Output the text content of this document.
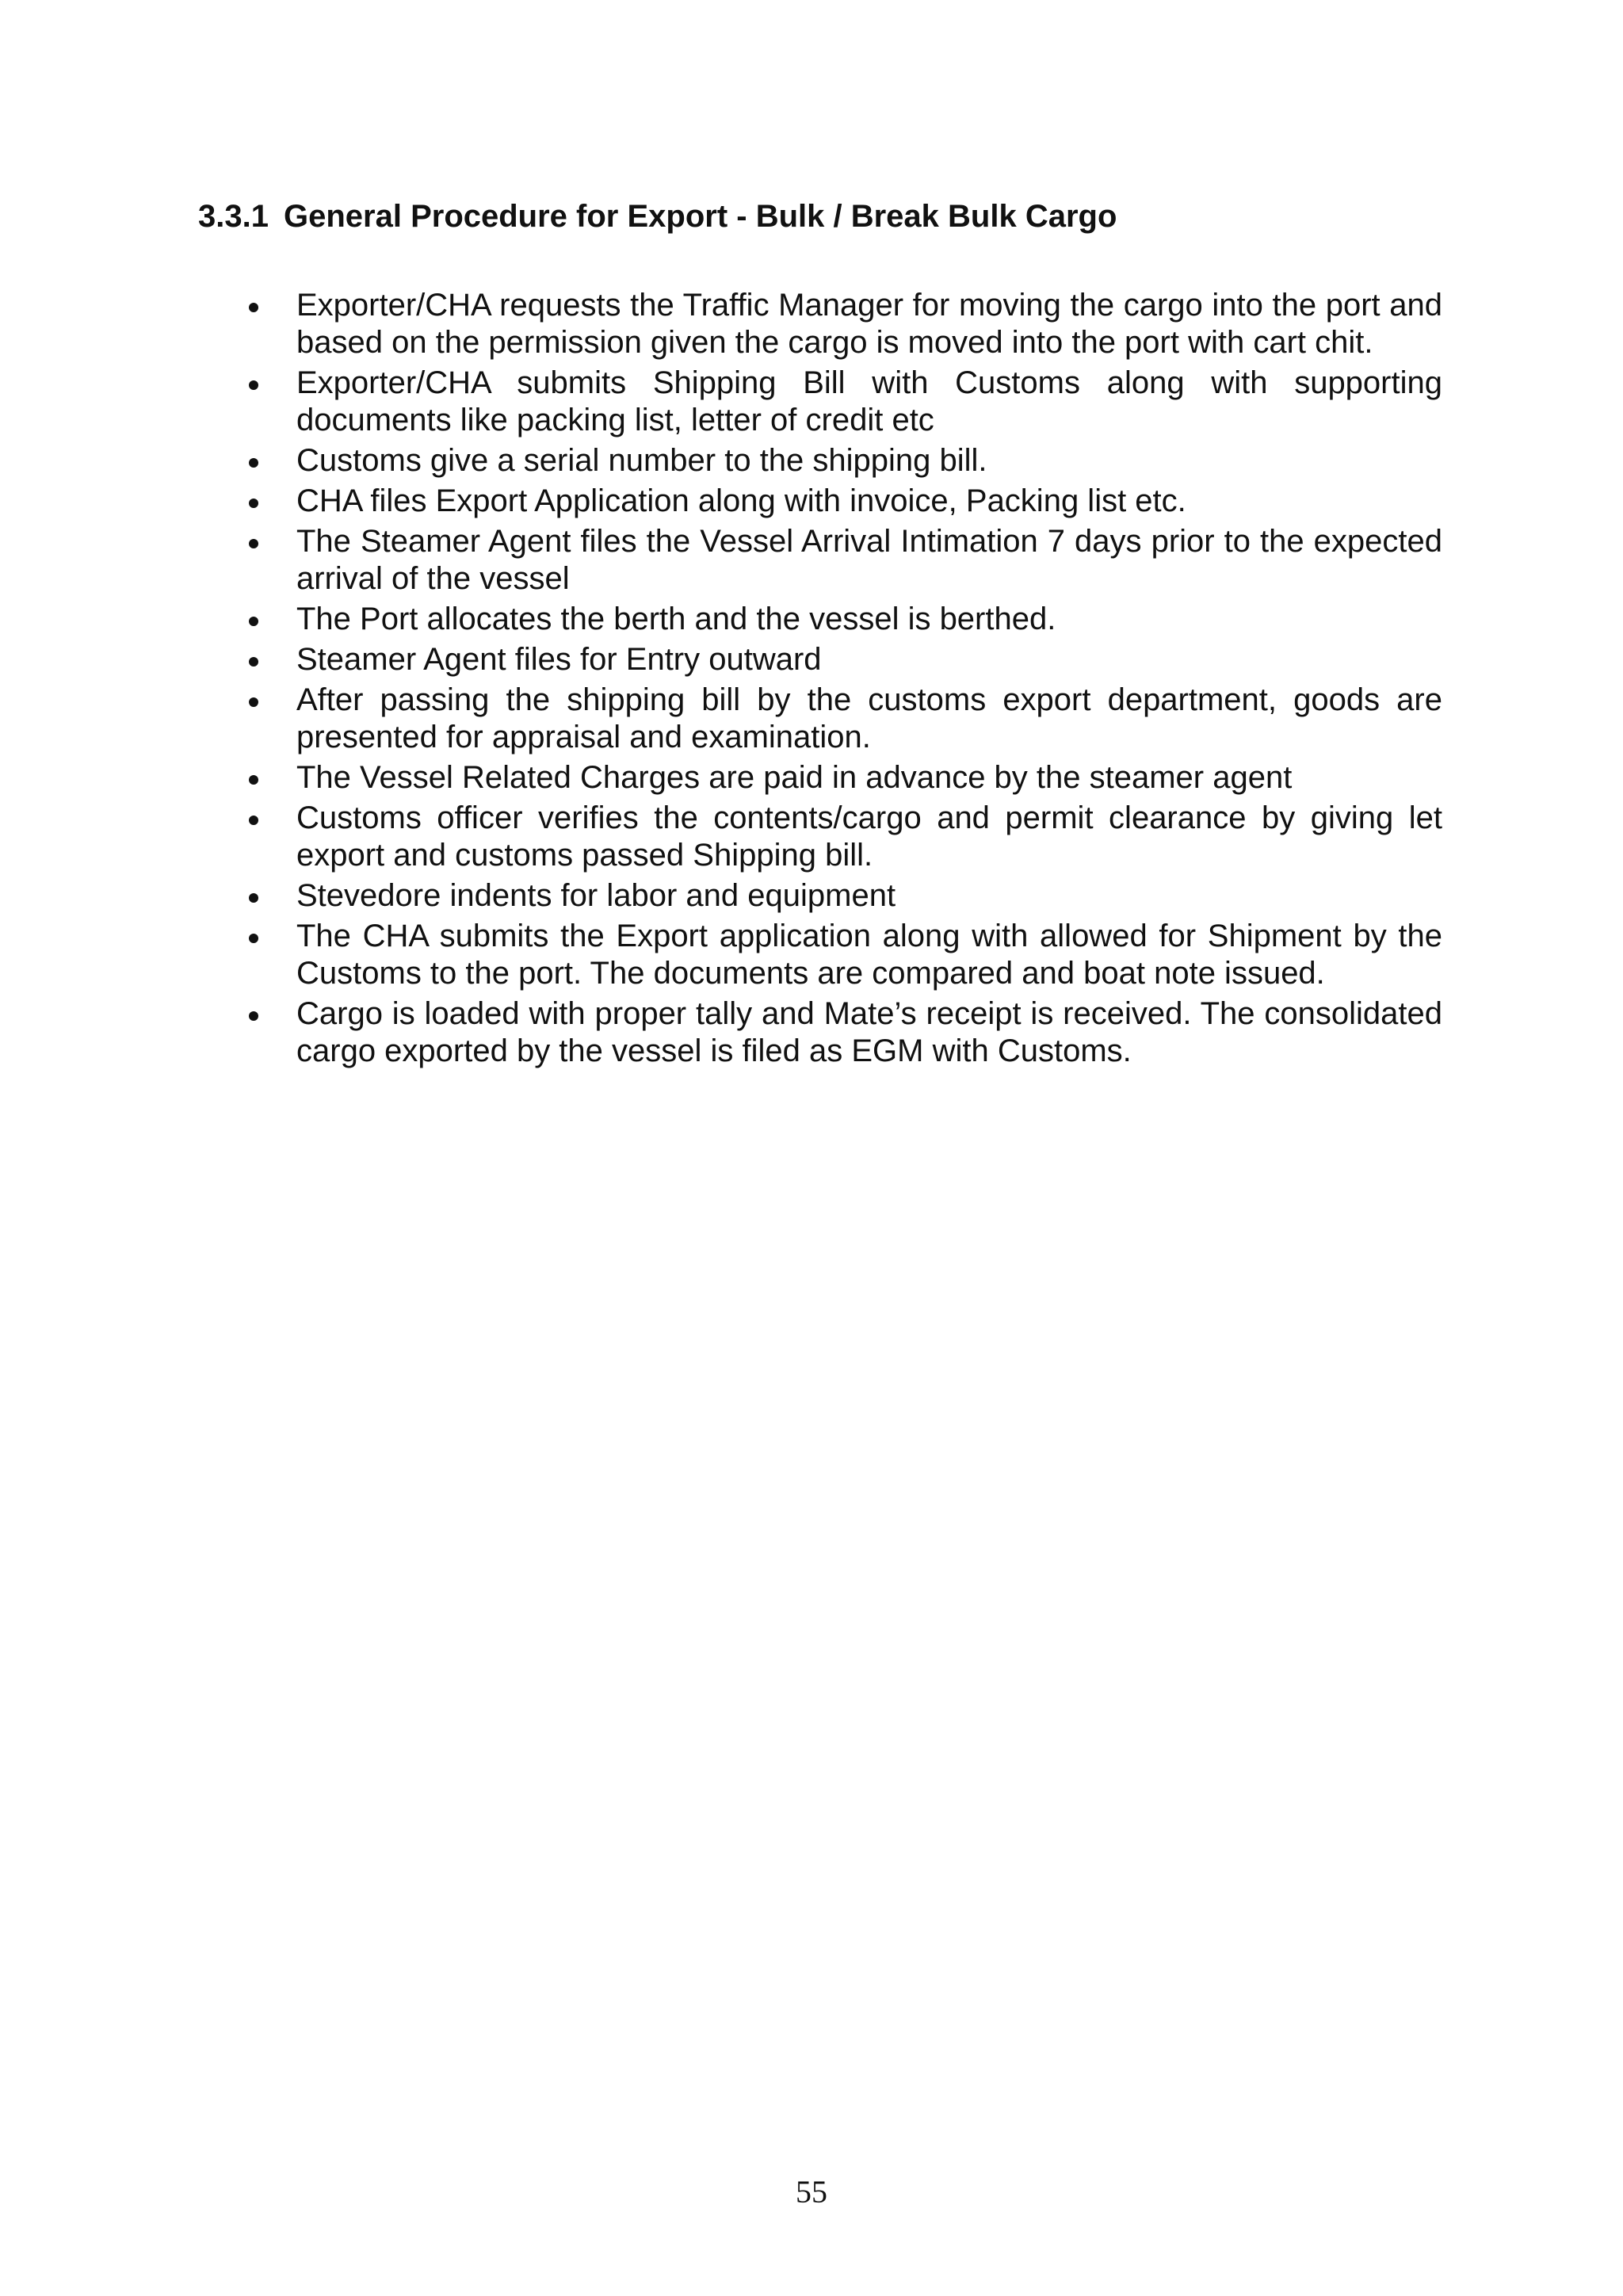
3.3.1 General Procedure for Export - Bulk / Break Bulk Cargo
Exporter/CHA requests the Traffic Manager for moving the cargo into the port and based on the permission given the cargo is moved into the port with cart chit.
Exporter/CHA submits Shipping Bill with Customs along with supporting documents like packing list, letter of credit etc
Customs give a serial number to the shipping bill.
CHA files Export Application along with invoice, Packing list etc.
The Steamer Agent files the Vessel Arrival Intimation 7 days prior to the expected arrival of the vessel
The Port allocates the berth and the vessel is berthed.
Steamer Agent files for Entry outward
After passing the shipping bill by the customs export department, goods are presented for appraisal and examination.
The Vessel Related Charges are paid in advance by the steamer agent
Customs officer verifies the contents/cargo and permit clearance by giving let export and customs passed Shipping bill.
Stevedore indents for labor and equipment
The CHA submits the Export application along with allowed for Shipment by the Customs to the port. The documents are compared and boat note issued.
Cargo is loaded with proper tally and Mate’s receipt is received. The consolidated cargo exported by the vessel is filed as EGM with Customs.
55
